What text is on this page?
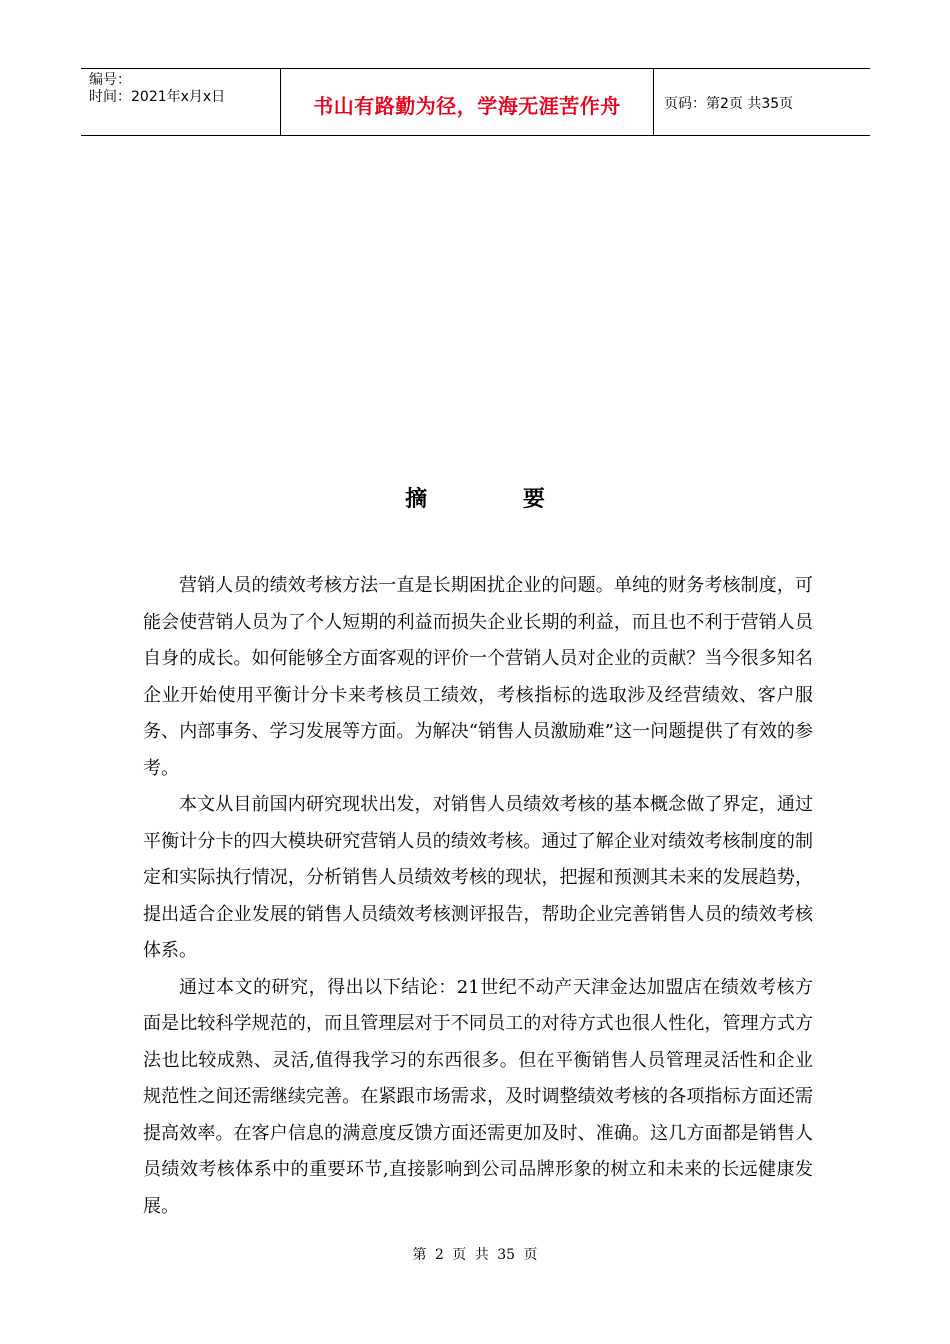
编号：
时间：2021年x月x日	书山有路勤为径，学海无涯苦作舟	页码：第2页 共35页
摘 要

营销人员的绩效考核方法一直是长期困扰企业的问题。单纯的财务考核制度，可能会使营销人员为了个人短期的利益而损失企业长期的利益，而且也不利于营销人员自身的成长。如何能够全方面客观的评价一个营销人员对企业的贡献？当今很多知名企业开始使用平衡计分卡来考核员工绩效，考核指标的选取涉及经营绩效、客户服务、内部事务、学习发展等方面。为解决“销售人员激励难”这一问题提供了有效的参考。

本文从目前国内研究现状出发，对销售人员绩效考核的基本概念做了界定，通过平衡计分卡的四大模块研究营销人员的绩效考核。通过了解企业对绩效考核制度的制定和实际执行情况，分析销售人员绩效考核的现状，把握和预测其未来的发展趋势，提出适合企业发展的销售人员绩效考核测评报告，帮助企业完善销售人员的绩效考核体系。

通过本文的研究，得出以下结论：21世纪不动产天津金达加盟店在绩效考核方面是比较科学规范的，而且管理层对于不同员工的对待方式也很人性化，管理方式方法也比较成熟、灵活,值得我学习的东西很多。但在平衡销售人员管理灵活性和企业规范性之间还需继续完善。在紧跟市场需求，及时调整绩效考核的各项指标方面还需提高效率。在客户信息的满意度反馈方面还需更加及时、准确。这几方面都是销售人员绩效考核体系中的重要环节,直接影响到公司品牌形象的树立和未来的长远健康发展。

第 2 页 共 35 页
